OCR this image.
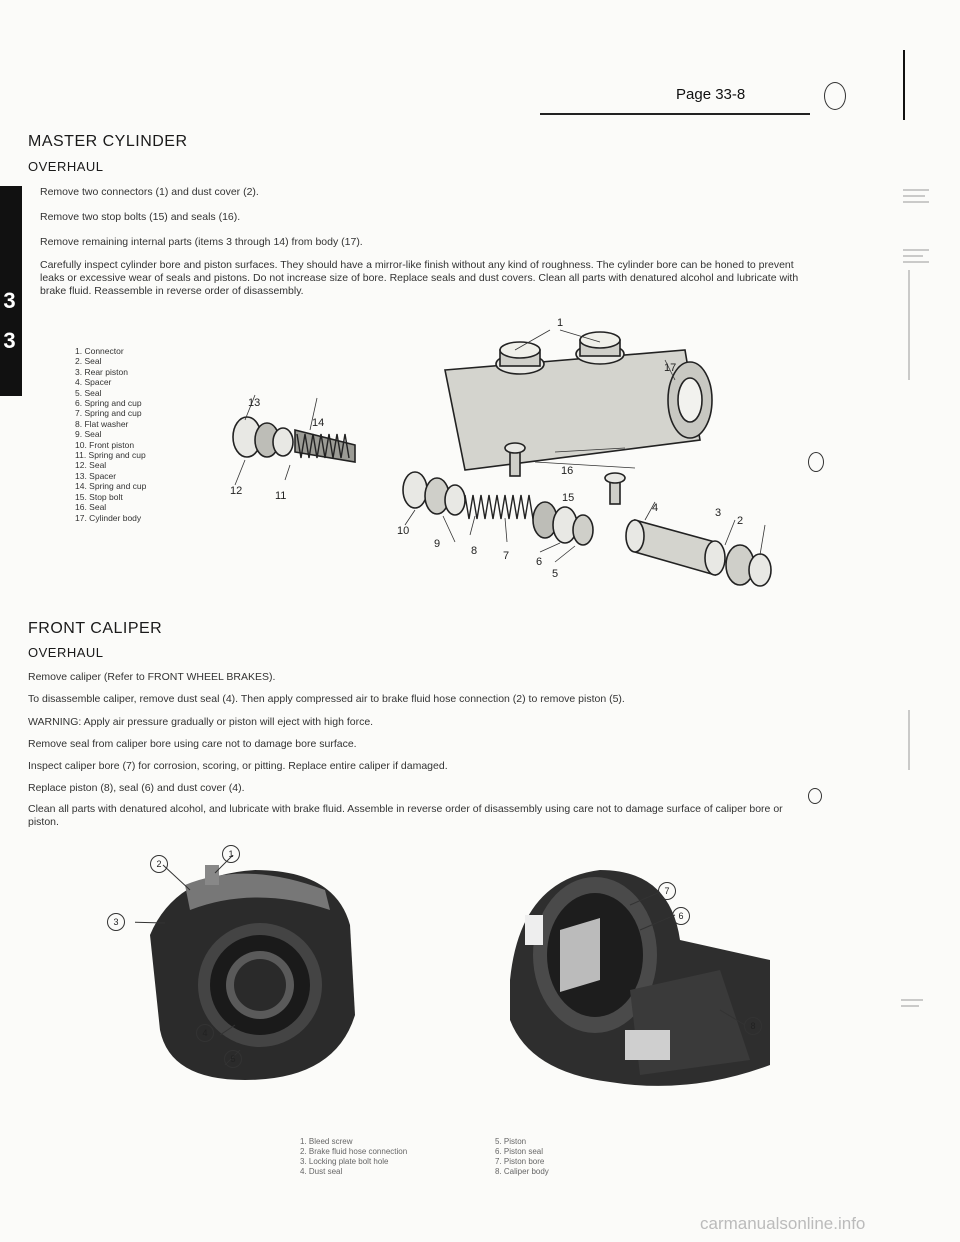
Page 33-8
3
3
MASTER CYLINDER
OVERHAUL
Remove two connectors (1) and dust cover (2).
Remove two stop bolts (15) and seals (16).
Remove remaining internal parts (items 3 through 14) from body (17).
Carefully inspect cylinder bore and piston surfaces. They should have a mirror-like finish without any kind of roughness. The cylinder bore can be honed to prevent leaks or excessive wear of seals and pistons. Do not increase size of bore. Replace seals and dust covers. Clean all parts with denatured alcohol and lubricate with brake fluid. Reassemble in reverse order of disassembly.
1. Connector
2. Seal
3. Rear piston
4. Spacer
5. Seal
6. Spring and cup
7. Spring and cup
8. Flat washer
9. Seal
10. Front piston
11. Spring and cup
12. Seal
13. Spacer
14. Spring and cup
15. Stop bolt
16. Seal
17. Cylinder body
1
17
13
14
16
15
12	11
4	3
2
10
9
8 7 6
5
FRONT CALIPER
OVERHAUL
Remove caliper (Refer to FRONT WHEEL BRAKES).
To disassemble caliper, remove dust seal (4). Then apply compressed air to brake fluid hose connection (2) to remove piston (5).
WARNING: Apply air pressure gradually or piston will eject with high force.
Remove seal from caliper bore using care not to damage bore surface.
Inspect caliper bore (7) for corrosion, scoring, or pitting. Replace entire caliper if damaged.
Replace piston (8), seal (6) and dust cover (4).
Clean all parts with denatured alcohol, and lubricate with brake fluid. Assemble in reverse order of disassembly using care not to damage surface of caliper bore or piston.
2
1
3
4
5
7
6
8
1. Bleed screw
2. Brake fluid hose connection
3. Locking plate bolt hole
4. Dust seal
5. Piston
6. Piston seal
7. Piston bore
8. Caliper body
carmanualsonline.info
